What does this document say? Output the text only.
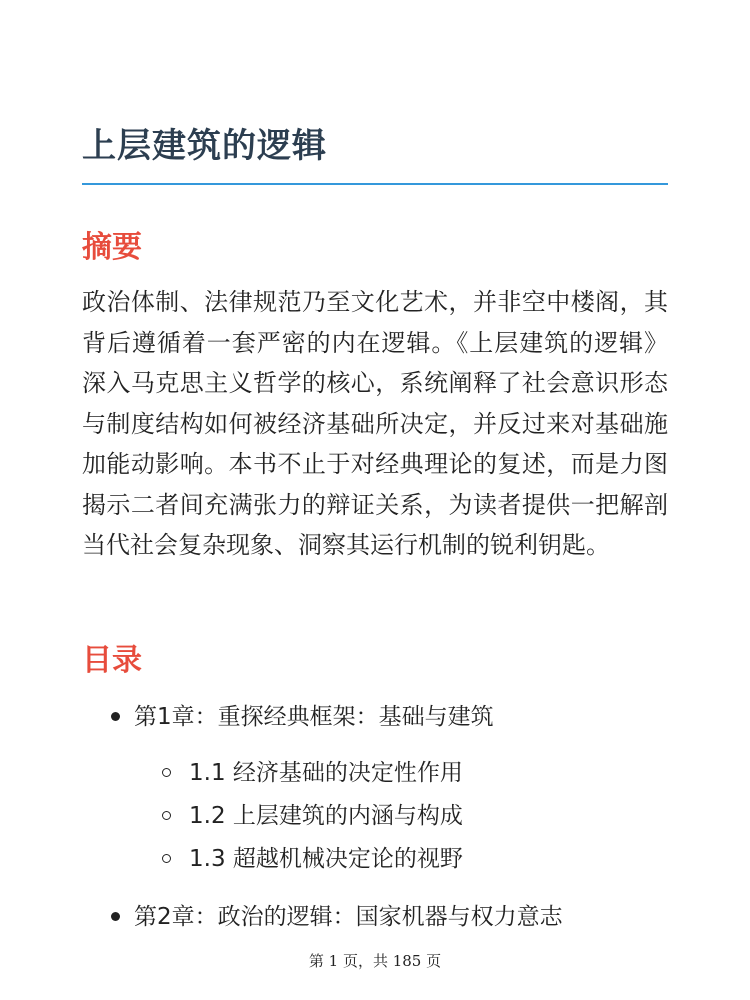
上层建筑的逻辑
摘要

政治体制、法律规范乃至文化艺术，并非空中楼阁，其背后遵循着一套严密的内在逻辑。《上层建筑的逻辑》深入马克思主义哲学的核心，系统阐释了社会意识形态与制度结构如何被经济基础所决定，并反过来对基础施加能动影响。本书不止于对经典理论的复述，而是力图揭示二者间充满张力的辩证关系，为读者提供一把解剖当代社会复杂现象、洞察其运行机制的锐利钥匙。

目录
第1章：重探经典框架：基础与建筑
1.1 经济基础的决定性作用
1.2 上层建筑的内涵与构成
1.3 超越机械决定论的视野
第2章：政治的逻辑：国家机器与权力意志
第 1 页，共 185 页
